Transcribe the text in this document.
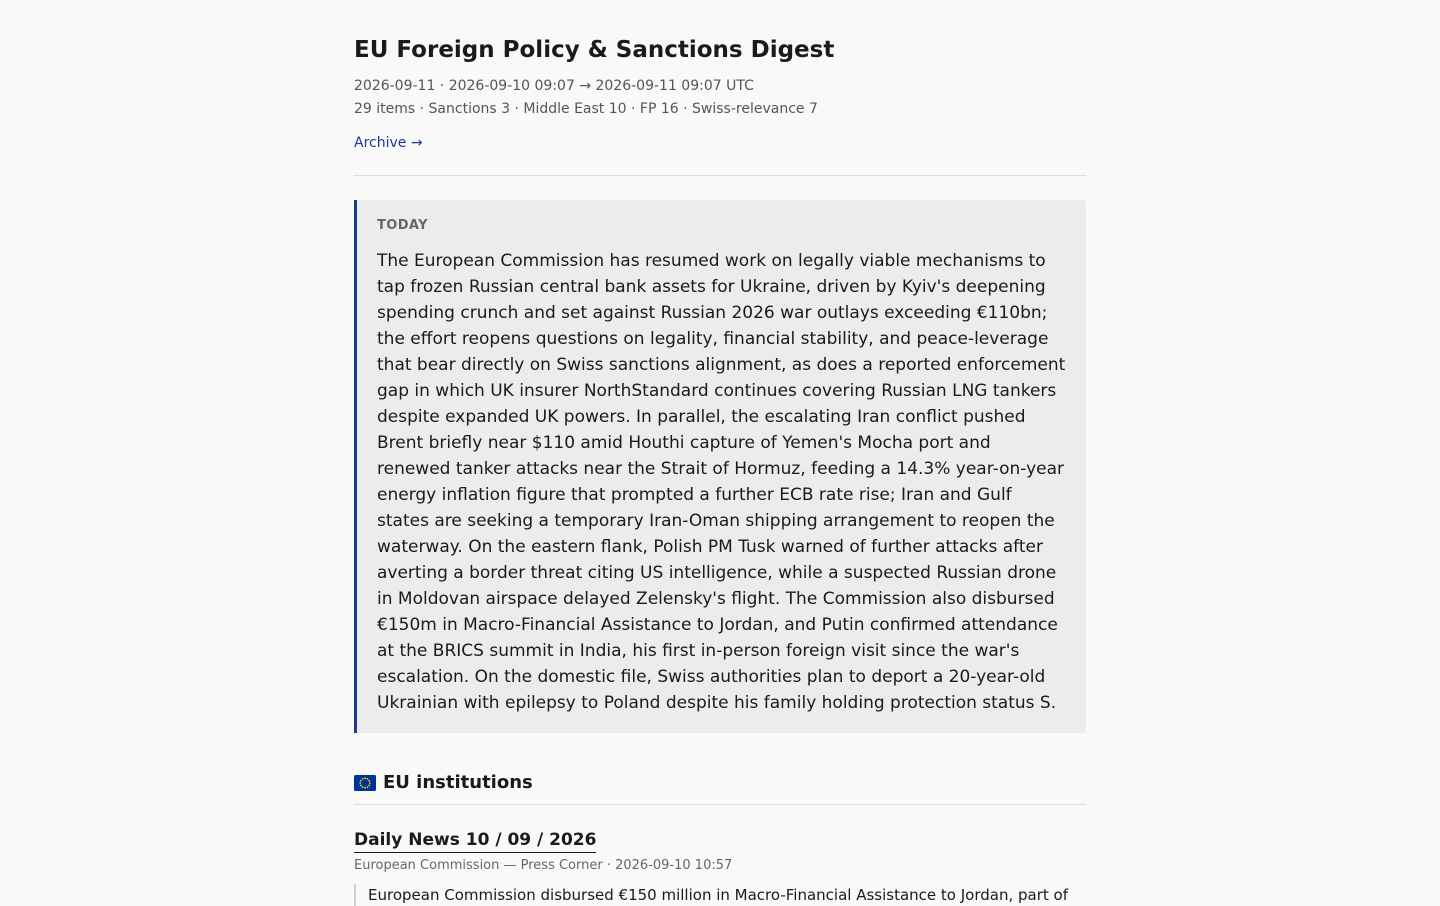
EU Foreign Policy & Sanctions Digest
2026-09-11 · 2026-09-10 09:07 → 2026-09-11 09:07 UTC
29 items · Sanctions 3 · Middle East 10 · FP 16 · Swiss-relevance 7
Archive →
TODAY

The European Commission has resumed work on legally viable mechanisms to tap frozen Russian central bank assets for Ukraine, driven by Kyiv's deepening spending crunch and set against Russian 2026 war outlays exceeding €110bn; the effort reopens questions on legality, financial stability, and peace-leverage that bear directly on Swiss sanctions alignment, as does a reported enforcement gap in which UK insurer NorthStandard continues covering Russian LNG tankers despite expanded UK powers. In parallel, the escalating Iran conflict pushed Brent briefly near $110 amid Houthi capture of Yemen's Mocha port and renewed tanker attacks near the Strait of Hormuz, feeding a 14.3% year-on-year energy inflation figure that prompted a further ECB rate rise; Iran and Gulf states are seeking a temporary Iran-Oman shipping arrangement to reopen the waterway. On the eastern flank, Polish PM Tusk warned of further attacks after averting a border threat citing US intelligence, while a suspected Russian drone in Moldovan airspace delayed Zelensky's flight. The Commission also disbursed €150m in Macro-Financial Assistance to Jordan, and Putin confirmed attendance at the BRICS summit in India, his first in-person foreign visit since the war's escalation. On the domestic file, Swiss authorities plan to deport a 20-year-old Ukrainian with epilepsy to Poland despite his family holding protection status S.

EU institutions
Daily News 10 / 09 / 2026
European Commission — Press Corner · 2026-09-10 10:57

European Commission disbursed €150 million in Macro-Financial Assistance to Jordan, part of
